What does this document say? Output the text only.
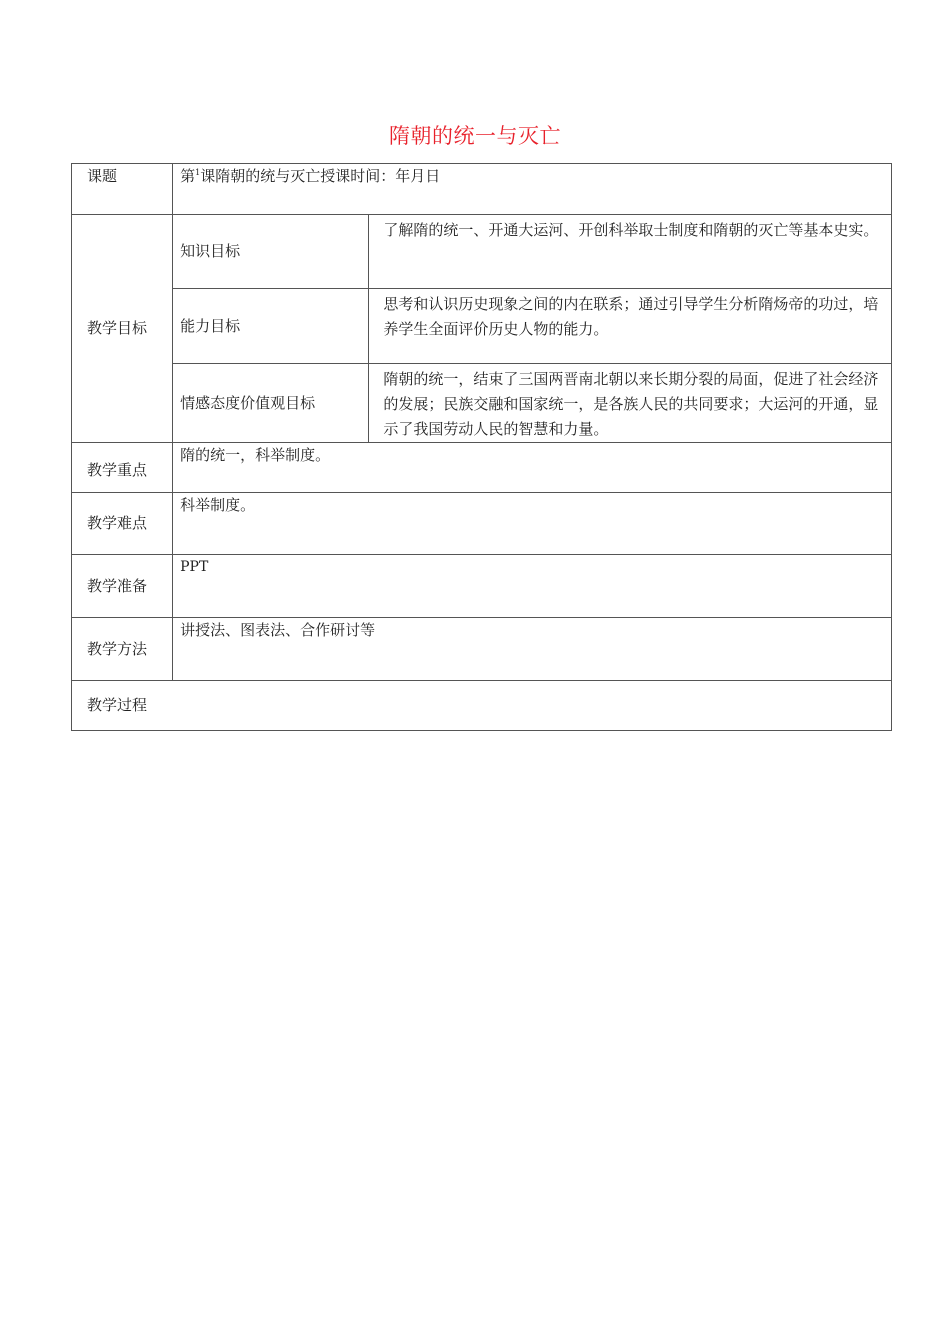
隋朝的统一与灭亡
课题	第$^1$课隋朝的统与灭亡授课时间：年月日	
教学目标	知识目标	了解隋的统一、开通大运河、开创科举取士制度和隋朝的灭亡等基本史实。
	能力目标	思考和认识历史现象之间的内在联系；通过引导学生分析隋炀帝的功过，培养学生全面评价历史人物的能力。
	情感态度价值观目标	隋朝的统一，结束了三国两晋南北朝以来长期分裂的局面，促进了社会经济的发展；民族交融和国家统一，是各族人民的共同要求；大运河的开通，显示了我国劳动人民的智慧和力量。
教学重点	隋的统一，科举制度。	
教学难点	科举制度。	
教学准备	PPT	
教学方法	讲授法、图表法、合作研讨等	
教学过程		
